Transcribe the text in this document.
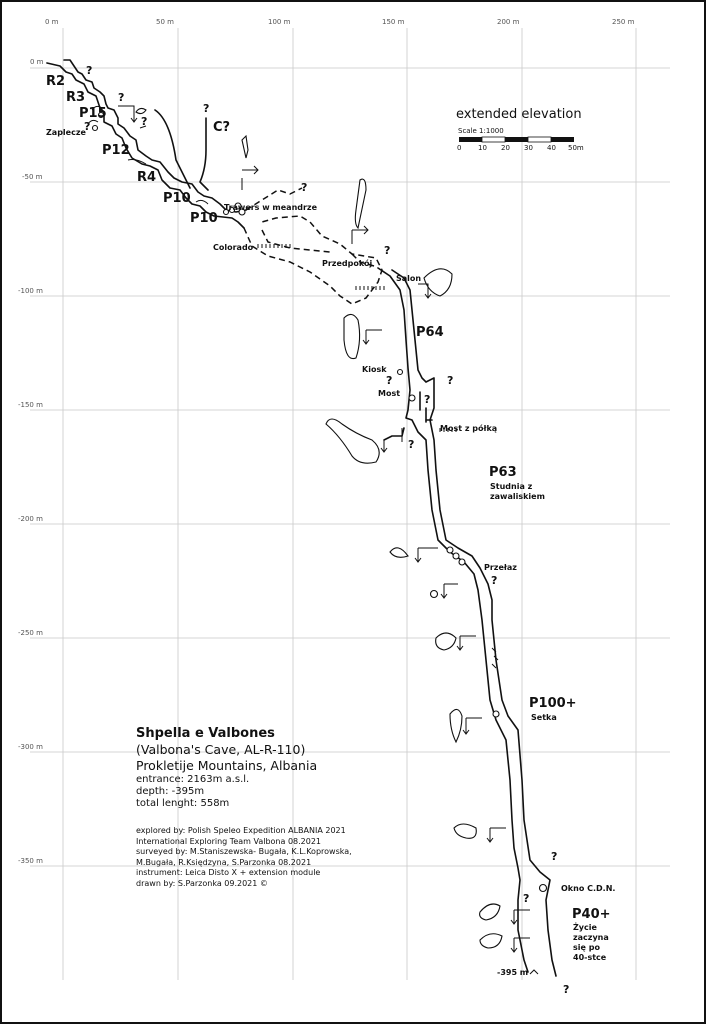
0 m	50 m	100 m	150 m	200 m	250 m
0 m
-50 m
-100 m
-150 m
-200 m
-250 m
-300 m
-350 m
0 10 20 30 40 50m
R2
R3
P15
Zaplecze
P12
R4
P10
P10
C?
Trawers w meandrze
Colorado
Przedpokój
Salon
P64
Kiosk
Most
Most z półką
P63
Studnia z
zawaliskiem
Przełaz
P100+
Setka
Okno C.D.N.
P40+
Życie
zaczyna
się po
40-stce
-395 m
?
?
?	?
?
?
?
?
?
?
?
?
?
?
?
extended elevation
Scale 1:1000
Shpella e Valbones
(Valbona's Cave, AL-R-110)
Prokletije Mountains, Albania
entrance: 2163m a.s.l.
depth: -395m
total lenght: 558m
explored by: Polish Speleo Expedition ALBANIA 2021
International Exploring Team Valbona 08.2021
surveyed by: M.Staniszewska- Bugała, K.L.Koprowska,
M.Bugała, R.Księdzyna, S.Parzonka 08.2021
instrument: Leica Disto X + extension module
drawn by: S.Parzonka 09.2021 ©
